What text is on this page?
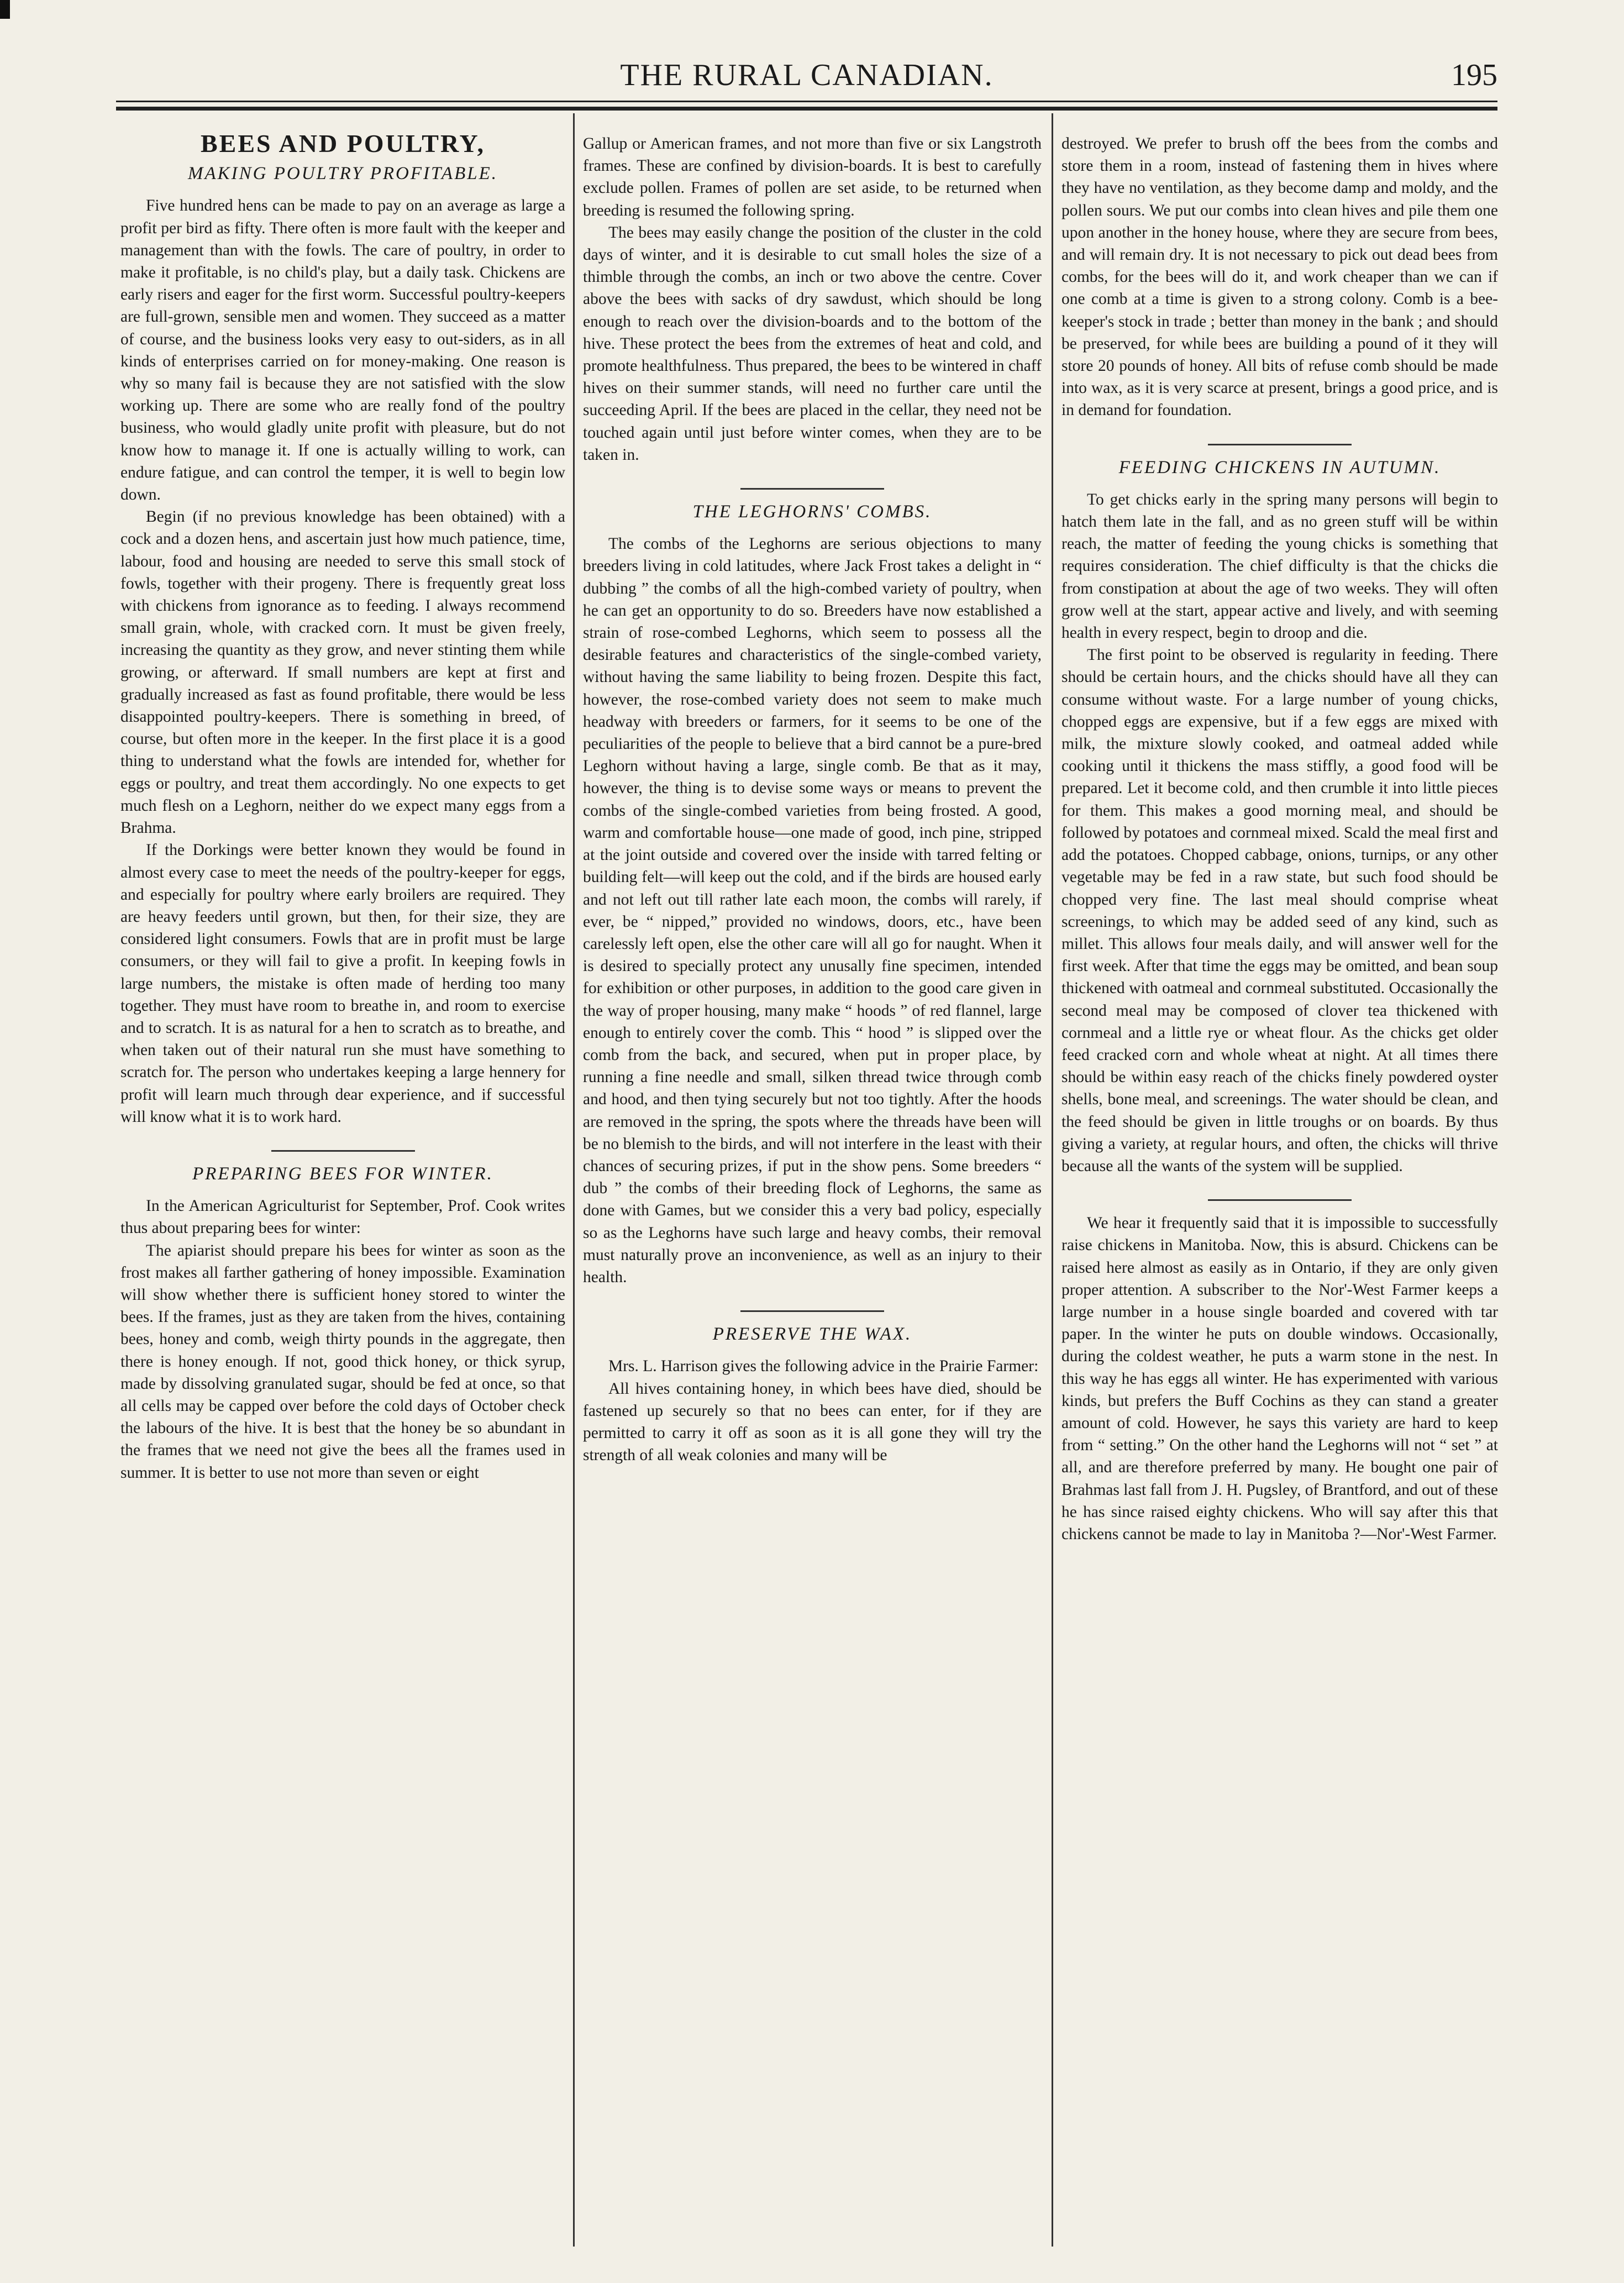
THE RURAL CANADIAN.	195
BEES AND POULTRY,
MAKING POULTRY PROFITABLE.

Five hundred hens can be made to pay on an average as large a profit per bird as fifty. There often is more fault with the keeper and management than with the fowls. The care of poultry, in order to make it profitable, is no child's play, but a daily task. Chickens are early risers and eager for the first worm. Successful poultry-keepers are full-grown, sensible men and women. They succeed as a matter of course, and the business looks very easy to out-siders, as in all kinds of enterprises carried on for money-making. One reason is why so many fail is because they are not satisfied with the slow working up. There are some who are really fond of the poultry business, who would gladly unite profit with pleasure, but do not know how to manage it. If one is actually willing to work, can endure fatigue, and can control the temper, it is well to begin low down.

Begin (if no previous knowledge has been obtained) with a cock and a dozen hens, and ascertain just how much patience, time, labour, food and housing are needed to serve this small stock of fowls, together with their progeny. There is frequently great loss with chickens from ignorance as to feeding. I always recommend small grain, whole, with cracked corn. It must be given freely, increasing the quantity as they grow, and never stinting them while growing, or afterward. If small numbers are kept at first and gradually increased as fast as found profitable, there would be less disappointed poultry-keepers. There is something in breed, of course, but often more in the keeper. In the first place it is a good thing to understand what the fowls are intended for, whether for eggs or poultry, and treat them accordingly. No one expects to get much flesh on a Leghorn, neither do we expect many eggs from a Brahma.

If the Dorkings were better known they would be found in almost every case to meet the needs of the poultry-keeper for eggs, and especially for poultry where early broilers are required. They are heavy feeders until grown, but then, for their size, they are considered light consumers. Fowls that are in profit must be large consumers, or they will fail to give a profit. In keeping fowls in large numbers, the mistake is often made of herding too many together. They must have room to breathe in, and room to exercise and to scratch. It is as natural for a hen to scratch as to breathe, and when taken out of their natural run she must have something to scratch for. The person who undertakes keeping a large hennery for profit will learn much through dear experience, and if successful will know what it is to work hard.

PREPARING BEES FOR WINTER.

In the American Agriculturist for September, Prof. Cook writes thus about preparing bees for winter:

The apiarist should prepare his bees for winter as soon as the frost makes all farther gathering of honey impossible. Examination will show whether there is sufficient honey stored to winter the bees. If the frames, just as they are taken from the hives, containing bees, honey and comb, weigh thirty pounds in the aggregate, then there is honey enough. If not, good thick honey, or thick syrup, made by dissolving granulated sugar, should be fed at once, so that all cells may be capped over before the cold days of October check the labours of the hive. It is best that the honey be so abundant in the frames that we need not give the bees all the frames used in summer. It is better to use not more than seven or eight

Gallup or American frames, and not more than five or six Langstroth frames. These are confined by division-boards. It is best to carefully exclude pollen. Frames of pollen are set aside, to be returned when breeding is resumed the following spring.

The bees may easily change the position of the cluster in the cold days of winter, and it is desirable to cut small holes the size of a thimble through the combs, an inch or two above the centre. Cover above the bees with sacks of dry sawdust, which should be long enough to reach over the division-boards and to the bottom of the hive. These protect the bees from the extremes of heat and cold, and promote healthfulness. Thus prepared, the bees to be wintered in chaff hives on their summer stands, will need no further care until the succeeding April. If the bees are placed in the cellar, they need not be touched again until just before winter comes, when they are to be taken in.

THE LEGHORNS' COMBS.

The combs of the Leghorns are serious objections to many breeders living in cold latitudes, where Jack Frost takes a delight in “ dubbing ” the combs of all the high-combed variety of poultry, when he can get an opportunity to do so. Breeders have now established a strain of rose-combed Leghorns, which seem to possess all the desirable features and characteristics of the single-combed variety, without having the same liability to being frozen. Despite this fact, however, the rose-combed variety does not seem to make much headway with breeders or farmers, for it seems to be one of the peculiarities of the people to believe that a bird cannot be a pure-bred Leghorn without having a large, single comb. Be that as it may, however, the thing is to devise some ways or means to prevent the combs of the single-combed varieties from being frosted. A good, warm and comfortable house—one made of good, inch pine, stripped at the joint outside and covered over the inside with tarred felting or building felt—will keep out the cold, and if the birds are housed early and not left out till rather late each moon, the combs will rarely, if ever, be “ nipped,” provided no windows, doors, etc., have been carelessly left open, else the other care will all go for naught. When it is desired to specially protect any unusally fine specimen, intended for exhibition or other purposes, in addition to the good care given in the way of proper housing, many make “ hoods ” of red flannel, large enough to entirely cover the comb. This “ hood ” is slipped over the comb from the back, and secured, when put in proper place, by running a fine needle and small, silken thread twice through comb and hood, and then tying securely but not too tightly. After the hoods are removed in the spring, the spots where the threads have been will be no blemish to the birds, and will not interfere in the least with their chances of securing prizes, if put in the show pens. Some breeders “ dub ” the combs of their breeding flock of Leghorns, the same as done with Games, but we consider this a very bad policy, especially so as the Leghorns have such large and heavy combs, their removal must naturally prove an inconvenience, as well as an injury to their health.

PRESERVE THE WAX.

Mrs. L. Harrison gives the following advice in the Prairie Farmer:

All hives containing honey, in which bees have died, should be fastened up securely so that no bees can enter, for if they are permitted to carry it off as soon as it is all gone they will try the strength of all weak colonies and many will be

destroyed. We prefer to brush off the bees from the combs and store them in a room, instead of fastening them in hives where they have no ventilation, as they become damp and moldy, and the pollen sours. We put our combs into clean hives and pile them one upon another in the honey house, where they are secure from bees, and will remain dry. It is not necessary to pick out dead bees from combs, for the bees will do it, and work cheaper than we can if one comb at a time is given to a strong colony. Comb is a bee-keeper's stock in trade ; better than money in the bank ; and should be preserved, for while bees are building a pound of it they will store 20 pounds of honey. All bits of refuse comb should be made into wax, as it is very scarce at present, brings a good price, and is in demand for foundation.

FEEDING CHICKENS IN AUTUMN.

To get chicks early in the spring many persons will begin to hatch them late in the fall, and as no green stuff will be within reach, the matter of feeding the young chicks is something that requires consideration. The chief difficulty is that the chicks die from constipation at about the age of two weeks. They will often grow well at the start, appear active and lively, and with seeming health in every respect, begin to droop and die.

The first point to be observed is regularity in feeding. There should be certain hours, and the chicks should have all they can consume without waste. For a large number of young chicks, chopped eggs are expensive, but if a few eggs are mixed with milk, the mixture slowly cooked, and oatmeal added while cooking until it thickens the mass stiffly, a good food will be prepared. Let it become cold, and then crumble it into little pieces for them. This makes a good morning meal, and should be followed by potatoes and cornmeal mixed. Scald the meal first and add the potatoes. Chopped cabbage, onions, turnips, or any other vegetable may be fed in a raw state, but such food should be chopped very fine. The last meal should comprise wheat screenings, to which may be added seed of any kind, such as millet. This allows four meals daily, and will answer well for the first week. After that time the eggs may be omitted, and bean soup thickened with oatmeal and cornmeal substituted. Occasionally the second meal may be composed of clover tea thickened with cornmeal and a little rye or wheat flour. As the chicks get older feed cracked corn and whole wheat at night. At all times there should be within easy reach of the chicks finely powdered oyster shells, bone meal, and screenings. The water should be clean, and the feed should be given in little troughs or on boards. By thus giving a variety, at regular hours, and often, the chicks will thrive because all the wants of the system will be supplied.

We hear it frequently said that it is impossible to successfully raise chickens in Manitoba. Now, this is absurd. Chickens can be raised here almost as easily as in Ontario, if they are only given proper attention. A subscriber to the Nor'-West Farmer keeps a large number in a house single boarded and covered with tar paper. In the winter he puts on double windows. Occasionally, during the coldest weather, he puts a warm stone in the nest. In this way he has eggs all winter. He has experimented with various kinds, but prefers the Buff Cochins as they can stand a greater amount of cold. However, he says this variety are hard to keep from “ setting.” On the other hand the Leghorns will not “ set ” at all, and are therefore preferred by many. He bought one pair of Brahmas last fall from J. H. Pugsley, of Brantford, and out of these he has since raised eighty chickens. Who will say after this that chickens cannot be made to lay in Manitoba ?—Nor'-West Farmer.
